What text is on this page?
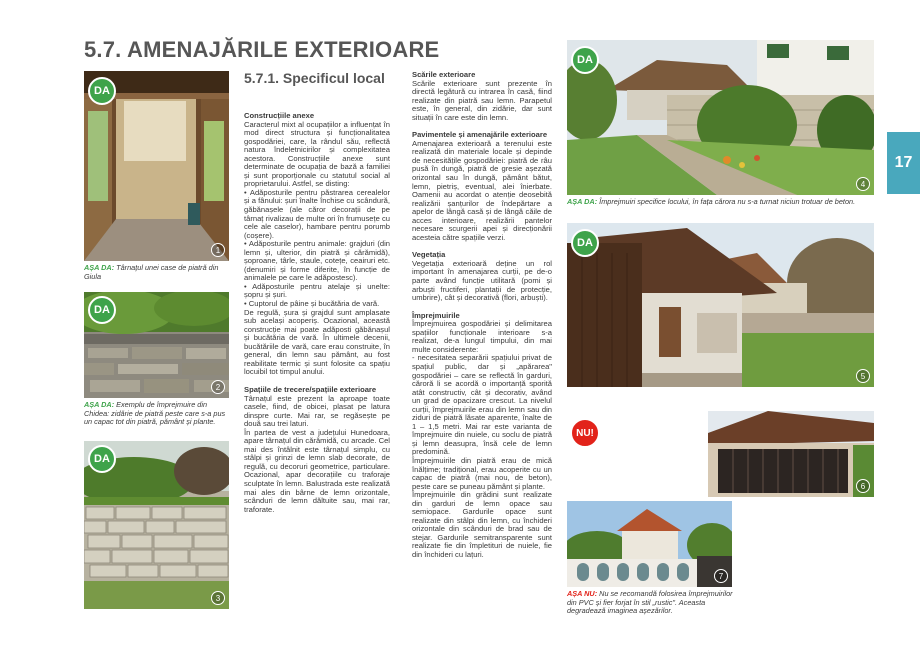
5.7. AMENAJĂRILE EXTERIOARE
17
DA
1
AȘA DA: Târnațul unei case de piatră din Giula
DA
2
AȘA DA: Exemplu de împrejmuire din Chidea: zidărie de piatră peste care s-a pus un capac tot din piatră, pământ și plante.
DA
3
5.7.1. Specificul local

Construcțiile anexe

Caracterul mixt al ocupațiilor a influențat în mod direct structura și funcționalitatea gospodăriei, care, la rândul său, reflectă natura îndeletnicirilor și complexitatea acestora. Construcțiile anexe sunt determinate de ocupația de bază a familiei și sunt proporționale cu statutul social al proprietarului. Astfel, se disting:

• Adăposturile pentru păstrarea cerealelor și a fânului: șuri înalte închise cu scândură, găbănașele (ale căror decorații de pe târnaț rivalizau de multe ori în frumusețe cu cele ale caselor), hambare pentru porumb (coșere).

• Adăposturile pentru animale: grajduri (din lemn și, ulterior, din piatră și cărămidă), șoproane, târle, staule, cotețe, ceairuri etc. (denumiri și forme diferite, în funcție de animalele pe care le adăpostesc).

• Adăposturile pentru atelaje și unelte: șopru și șuri.

• Cuptorul de pâine și bucătăria de vară.

De regulă, șura și grajdul sunt amplasate sub același acoperiș. Ocazional, această construcție mai poate adăposti găbănașul și bucătăria de vară. În ultimele decenii, bucătăriile de vară, care erau construite, în general, din lemn sau pământ, au fost reabilitate termic și sunt folosite ca spațiu locuibil tot timpul anului.

Spațiile de trecere/spațiile exterioare

Târnațul este prezent la aproape toate casele, fiind, de obicei, plasat pe latura dinspre curte. Mai rar, se regăsește pe două sau trei laturi.

În partea de vest a județului Hunedoara, apare târnațul din cărămidă, cu arcade. Cel mai des întâlnit este târnațul simplu, cu stâlpi și grinzi de lemn slab decorate, de regulă, cu decoruri geometrice, particulare. Ocazional, apar decorațiile cu traforaje sculptate în lemn. Balustrada este realizată mai ales din bârne de lemn orizontale, scânduri de lemn dăltuite sau, mai rar, traforate.

Scările exterioare

Scările exterioare sunt prezente în directă legătură cu intrarea în casă, fiind realizate din piatră sau lemn. Parapetul este, în general, din zidărie, dar sunt situații în care este din lemn.

Pavimentele și amenajările exterioare

Amenajarea exterioară a terenului este realizată din materiale locale și depinde de necesitățile gospodăriei: piatră de râu pusă în dungă, piatră de gresie așezată orizontal sau în dungă, pământ bătut, lemn, pietriș, eventual, alei înierbate. Oamenii au acordat o atenție deosebită realizării șanțurilor de îndepărtare a apelor de lângă casă și de lângă căile de acces interioare, realizării pantelor necesare scurgerii apei și direcționării acesteia către spațiile verzi.

Vegetația

Vegetația exterioară deține un rol important în amenajarea curții, pe de-o parte având funcție utilitară (pomi și arbuști fructiferi, plantații de protecție, umbrire), cât și decorativă (flori, arbuști).

Împrejmuirile

Împrejmuirea gospodăriei și delimitarea spațiilor funcționale interioare s-a realizat, de-a lungul timpului, din mai multe considerente:

- necesitatea separării spațiului privat de spațiul public, dar și „apărarea" gospodăriei – care se reflectă în garduri, căroră li se acordă o importanță sporită atât constructiv, cât și decorativ, având un grad de opacizare crescut. La nivelul curții, împrejmuirile erau din lemn sau din ziduri de piatră lăsate aparente, înalte de 1 – 1,5 metri. Mai rar este varianta de împrejmuire din nuiele, cu soclu de piatră și lemn deasupra, însă cele de lemn predomină.

Împrejmuirile din piatră erau de mică înălțime; tradițional, erau acoperite cu un capac de piatră (mai nou, de beton), peste care se puneau pământ și plante.

Împrejmuirile din grădini sunt realizate din garduri de lemn opace sau semiopace. Gardurile opace sunt realizate din stâlpi din lemn, cu închideri orizontale din scânduri de brad sau de stejar. Gardurile semitransparente sunt realizate fie din împletituri de nuiele, fie din închideri cu lațuri.

DA
4
AȘA DA: Împrejmuiri specifice locului, în fața cărora nu s-a turnat niciun trotuar de beton.
DA
5
6
NU!
7
AȘA NU: Nu se recomandă folosirea împrejmuirilor din PVC și fier forjat în stil „rustic". Aceasta degradează imaginea așezărilor.
